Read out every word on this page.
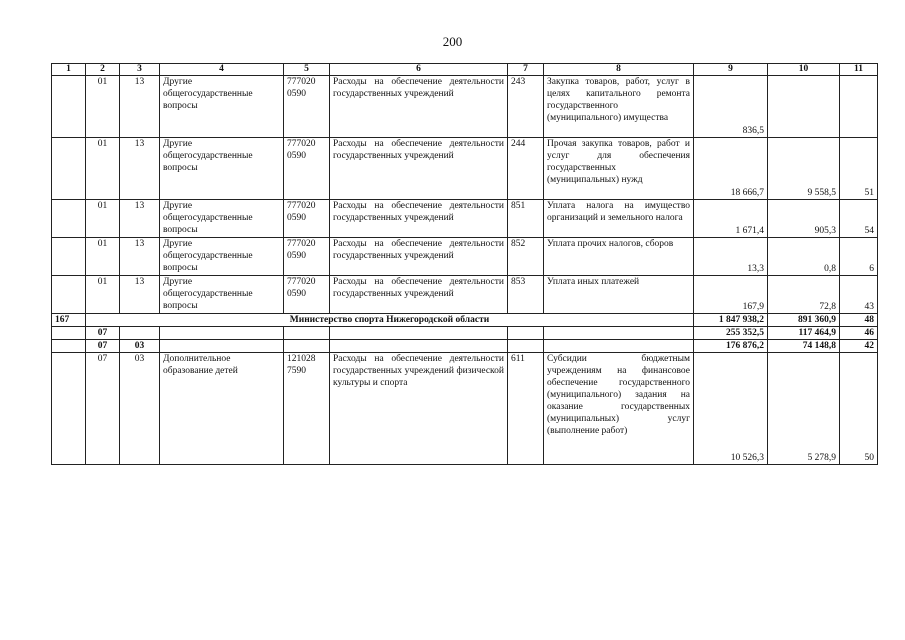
200
1	2	3	4	5	6	7	8	9	10	11
	01	13	Другие общегосударственные вопросы	777020 0590	Расходы на обеспечение деятельности государственных учреждений	243	Закупка товаров, работ, услуг в целях капитального ремонта государственного (муниципального) имущества	836,5		
	01	13	Другие общегосударственные вопросы	777020 0590	Расходы на обеспечение деятельности государственных учреждений	244	Прочая закупка товаров, работ и услуг для обеспечения государственных (муниципальных) нужд	18 666,7	9 558,5	51
	01	13	Другие общегосударственные вопросы	777020 0590	Расходы на обеспечение деятельности государственных учреждений	851	Уплата налога на имущество организаций и земельного налога	1 671,4	905,3	54
	01	13	Другие общегосударственные вопросы	777020 0590	Расходы на обеспечение деятельности государственных учреждений	852	Уплата прочих налогов, сборов	13,3	0,8	6
	01	13	Другие общегосударственные вопросы	777020 0590	Расходы на обеспечение деятельности государственных учреждений	853	Уплата иных платежей	167,9	72,8	43
167	Министерство спорта Нижегородской области							1 847 938,2	891 360,9	48
	07							255 352,5	117 464,9	46
	07	03						176 876,2	74 148,8	42
	07	03	Дополнительное образование детей	121028 7590	Расходы на обеспечение деятельности государственных учреждений физической культуры и спорта	611	Субсидии бюджетным учреждениям на финансовое обеспечение государственного (муниципального) задания на оказание государственных (муниципальных) услуг (выполнение работ)	10 526,3	5 278,9	50
